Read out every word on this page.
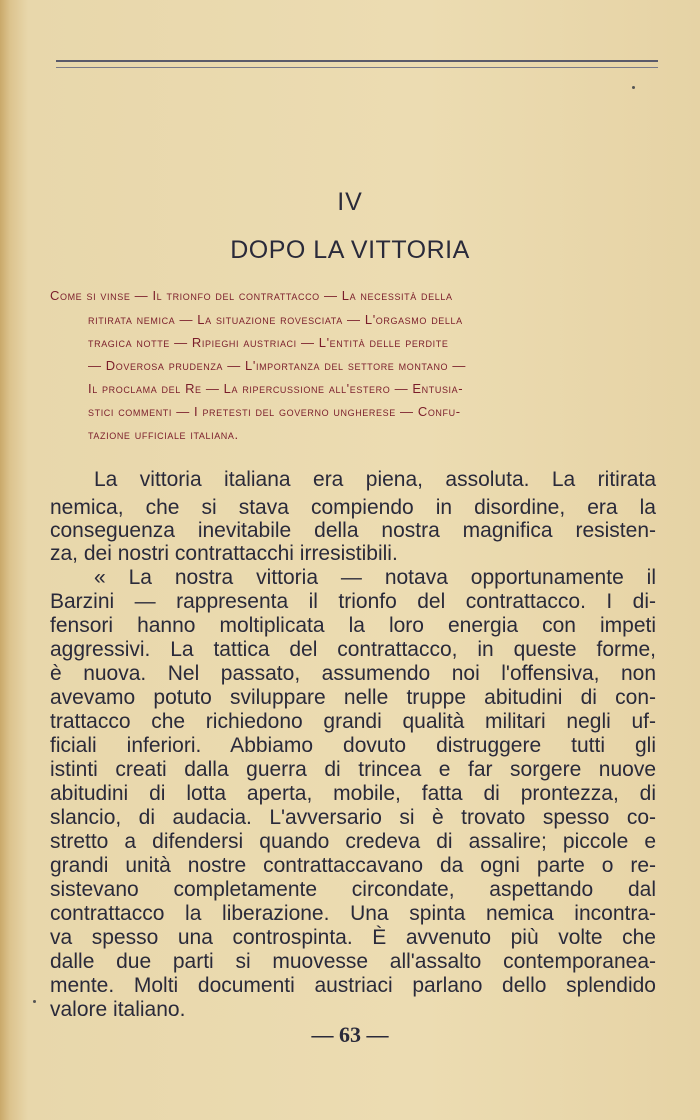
IV
DOPO LA VITTORIA
Come si vinse — Il trionfo del contrattacco — La necessità della
ritirata nemica — La situazione rovesciata — L'orgasmo della
tragica notte — Ripieghi austriaci — L'entità delle perdite
— Doverosa prudenza — L'importanza del settore montano —
Il proclama del Re — La ripercussione all'estero — Entusia-
stici commenti — I pretesti del governo ungherese — Confu-
tazione ufficiale italiana.
La vittoria italiana era piena, assoluta. La ritirata
nemica, che si stava compiendo in disordine, era la
conseguenza inevitabile della nostra magnifica resisten-
za, dei nostri contrattacchi irresistibili.
« La nostra vittoria — notava opportunamente il
Barzini — rappresenta il trionfo del contrattacco. I di-
fensori hanno moltiplicata la loro energia con impeti
aggressivi. La tattica del contrattacco, in queste forme,
è nuova. Nel passato, assumendo noi l'offensiva, non
avevamo potuto sviluppare nelle truppe abitudini di con-
trattacco che richiedono grandi qualità militari negli uf-
ficiali inferiori. Abbiamo dovuto distruggere tutti gli
istinti creati dalla guerra di trincea e far sorgere nuove
abitudini di lotta aperta, mobile, fatta di prontezza, di
slancio, di audacia. L'avversario si è trovato spesso co-
stretto a difendersi quando credeva di assalire; piccole e
grandi unità nostre contrattaccavano da ogni parte o re-
sistevano completamente circondate, aspettando dal
contrattacco la liberazione. Una spinta nemica incontra-
va spesso una controspinta. È avvenuto più volte che
dalle due parti si muovesse all'assalto contemporanea-
mente. Molti documenti austriaci parlano dello splendido
valore italiano.
— 63 —
